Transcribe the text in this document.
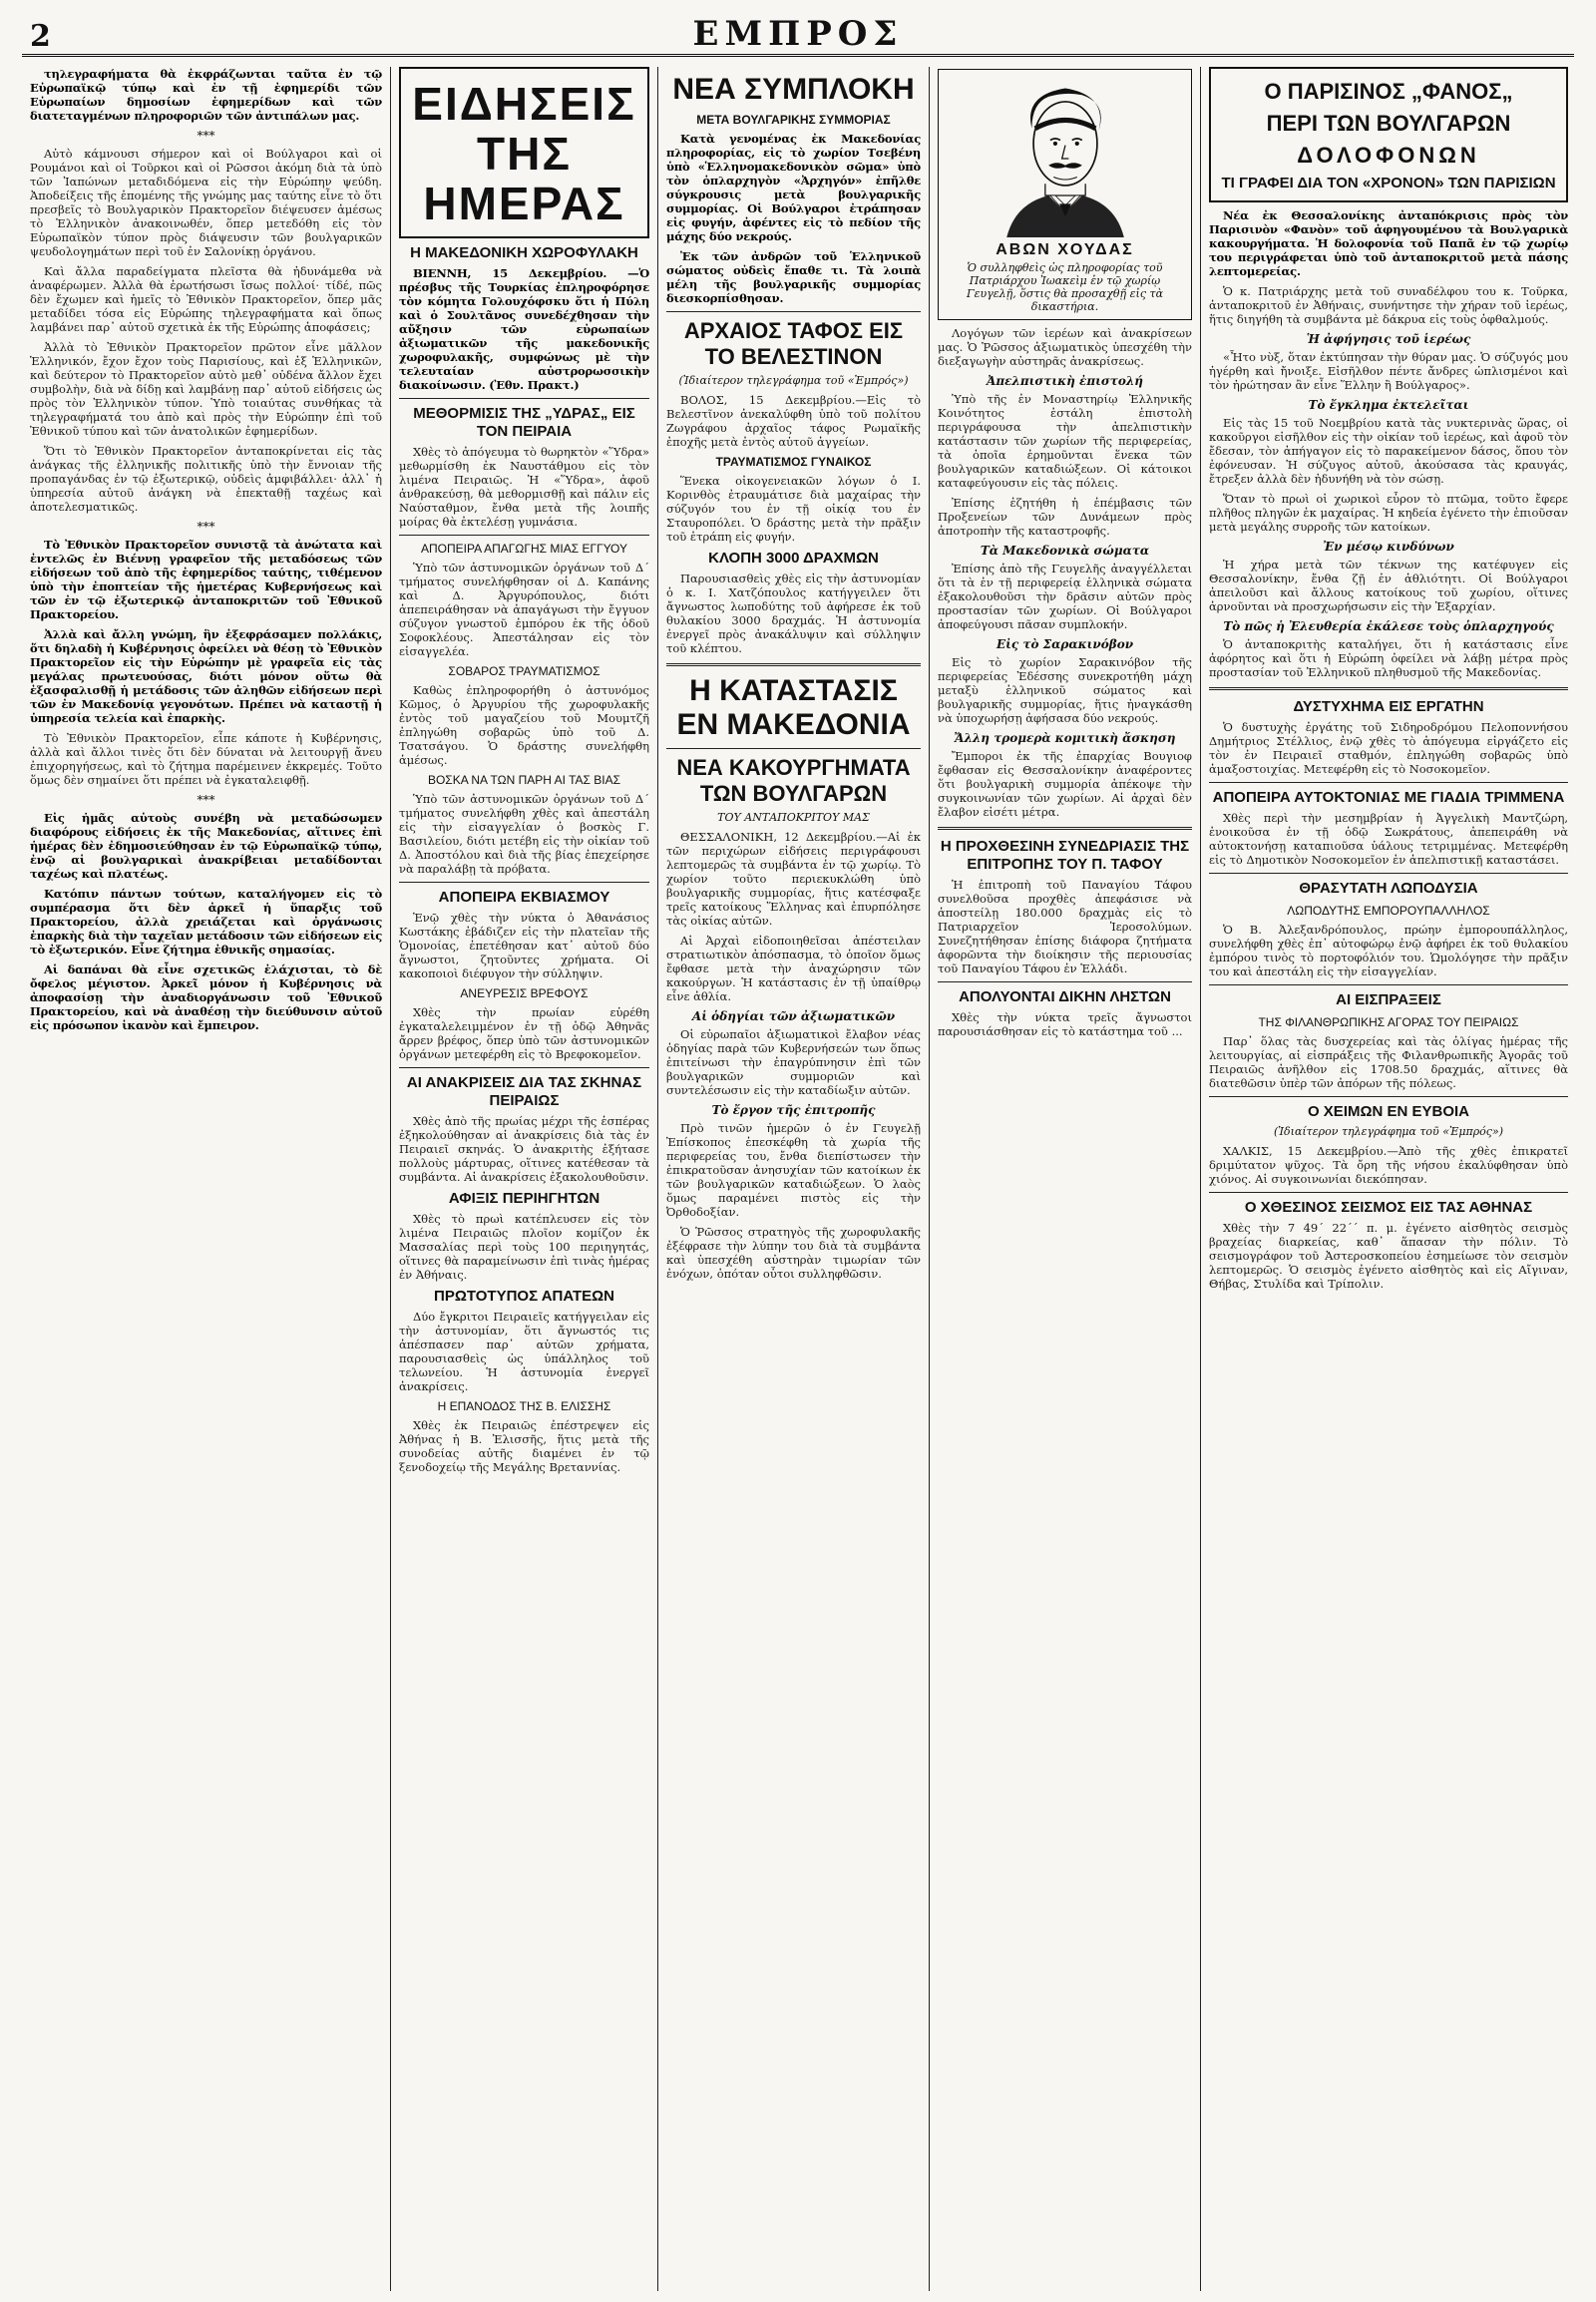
2	ΕΜΠΡΟΣ

τηλεγραφήματα θὰ ἐκφράζωνται ταῦτα ἐν τῷ Εὐρωπαϊκῷ τύπῳ καὶ ἐν τῇ ἐφημερίδι τῶν Εὐρωπαίων δημοσίων ἐφημερίδων καὶ τῶν διατεταγμένων πληροφοριῶν τῶν ἀντιπάλων μας.

***

Αὐτὸ κάμνουσι σήμερον καὶ οἱ Βούλγαροι καὶ οἱ Ρουμάνοι καὶ οἱ Τοῦρκοι καὶ οἱ Ρῶσσοι ἀκόμη διὰ τὰ ὑπὸ τῶν Ἰαπώνων μεταδιδόμενα εἰς τὴν Εὐρώπην ψεύδη. Ἀποδείξεις τῆς ἐπομένης τῆς γνώμης μας ταύτης εἶνε τὸ ὅτι πρεσβεῖς τὸ Βουλγαρικὸν Πρακτορεῖον διέψευσεν ἀμέσως τὸ Ἑλληνικὸν ἀνακοινωθέν, ὅπερ μετεδόθη εἰς τὸν Εὐρωπαϊκὸν τύπον πρὸς διάψευσιν τῶν βουλγαρικῶν ψευδολογημάτων περὶ τοῦ ἐν Σαλονίκῃ ὀργάνου.

Καὶ ἄλλα παραδείγματα πλεῖστα θὰ ἠδυνάμεθα νὰ ἀναφέρωμεν. Ἀλλὰ θὰ ἐρωτήσωσι ἴσως πολλοί· τίδέ, πῶς δὲν ἔχωμεν καὶ ἡμεῖς τὸ Ἐθνικὸν Πρακτορεῖον, ὅπερ μᾶς μεταδίδει τόσα εἰς Εὐρώπης τηλεγραφήματα καὶ ὅπως λαμβάνει παρ᾽ αὐτοῦ σχετικὰ ἐκ τῆς Εὐρώπης ἀποφάσεις;

Ἀλλὰ τὸ Ἐθνικὸν Πρακτορεῖον πρῶτον εἶνε μᾶλλον Ἑλληνικόν, ἔχον ἔχον τοὺς Παρισίους, καὶ ἐξ Ἑλληνικῶν, καὶ δεύτερον τὸ Πρακτορεῖον αὐτὸ μεθ᾽ οὐδένα ἄλλον ἔχει συμβολὴν, διὰ νὰ δίδῃ καὶ λαμβάνῃ παρ᾽ αὐτοῦ εἰδήσεις ὡς πρὸς τὸν Ἑλληνικὸν τύπον. Ὑπὸ τοιαύτας συνθήκας τὰ τηλεγραφήματά του ἀπὸ καὶ πρὸς τὴν Εὐρώπην ἐπὶ τοῦ Ἐθνικοῦ τύπου καὶ τῶν ἀνατολικῶν ἐφημερίδων.

Ὅτι τὸ Ἐθνικὸν Πρακτορεῖον ἀνταποκρίνεται εἰς τὰς ἀνάγκας τῆς ἐλληνικῆς πολιτικῆς ὑπὸ τὴν ἔννοιαν τῆς προπαγάνδας ἐν τῷ ἐξωτερικῷ, οὐδεὶς ἀμφιβάλλει· ἀλλ᾽ ἡ ὑπηρεσία αὐτοῦ ἀνάγκη νὰ ἐπεκταθῇ ταχέως καὶ ἀποτελεσματικῶς.

***

Τὸ Ἐθνικὸν Πρακτορεῖον συνιστᾷ τὰ ἀνώτατα καὶ ἐντελῶς ἐν Βιέννῃ γραφεῖον τῆς μεταδόσεως τῶν εἰδήσεων τοῦ ἀπὸ τῆς ἐφημερίδος ταύτης, τιθέμενον ὑπὸ τὴν ἐποπτείαν τῆς ἡμετέρας Κυβερνήσεως καὶ τῶν ἐν τῷ ἐξωτερικῷ ἀνταποκριτῶν τοῦ Ἐθνικοῦ Πρακτορείου.

Ἀλλὰ καὶ ἄλλη γνώμη, ἣν ἐξεφράσαμεν πολλάκις, ὅτι δηλαδὴ ἡ Κυβέρνησις ὀφείλει νὰ θέσῃ τὸ Ἐθνικὸν Πρακτορεῖον εἰς τὴν Εὐρώπην μὲ γραφεῖα εἰς τὰς μεγάλας πρωτευούσας, διότι μόνον οὕτω θὰ ἐξασφαλισθῇ ἡ μετάδοσις τῶν ἀληθῶν εἰδήσεων περὶ τῶν ἐν Μακεδονίᾳ γεγονότων. Πρέπει νὰ καταστῇ ἡ ὑπηρεσία τελεία καὶ ἐπαρκὴς.

Τὸ Ἐθνικὸν Πρακτορεῖον, εἶπε κάποτε ἡ Κυβέρνησις, ἀλλὰ καὶ ἄλλοι τινὲς ὅτι δὲν δύναται νὰ λειτουργῇ ἄνευ ἐπιχορηγήσεως, καὶ τὸ ζήτημα παρέμεινεν ἐκκρεμές. Τοῦτο ὅμως δὲν σημαίνει ὅτι πρέπει νὰ ἐγκαταλειφθῇ.

***

Εἰς ἡμᾶς αὐτοὺς συνέβη νὰ μεταδώσωμεν διαφόρους εἰδήσεις ἐκ τῆς Μακεδονίας, αἵτινες ἐπὶ ἡμέρας δὲν ἐδημοσιεύθησαν ἐν τῷ Εὐρωπαϊκῷ τύπῳ, ἐνῷ αἱ βουλγαρικαὶ ἀνακρίβειαι μεταδίδονται ταχέως καὶ πλατέως.

Κατόπιν πάντων τούτων, καταλήγομεν εἰς τὸ συμπέρασμα ὅτι δὲν ἀρκεῖ ἡ ὕπαρξις τοῦ Πρακτορείου, ἀλλὰ χρειάζεται καὶ ὀργάνωσις ἐπαρκὴς διὰ τὴν ταχεῖαν μετάδοσιν τῶν εἰδήσεων εἰς τὸ ἐξωτερικόν. Εἶνε ζήτημα ἐθνικῆς σημασίας.

Αἱ δαπάναι θὰ εἶνε σχετικῶς ἐλάχισται, τὸ δὲ ὄφελος μέγιστον. Ἀρκεῖ μόνον ἡ Κυβέρνησις νὰ ἀποφασίσῃ τὴν ἀναδιοργάνωσιν τοῦ Ἐθνικοῦ Πρακτορείου, καὶ νὰ ἀναθέσῃ τὴν διεύθυνσιν αὐτοῦ εἰς πρόσωπον ἱκανὸν καὶ ἔμπειρον.

ΕΙΔΗΣΕΙΣ ΤΗΣ ΗΜΕΡΑΣ
Η ΜΑΚΕΔΟΝΙΚΗ ΧΩΡΟΦΥΛΑΚΗ

ΒΙΕΝΝΗ, 15 Δεκεμβρίου. —Ὁ πρέσβυς τῆς Τουρκίας ἐπληροφόρησε τὸν κόμητα Γολουχόφσκυ ὅτι ἡ Πύλη καὶ ὁ Σουλτᾶνος συνεδέχθησαν τὴν αὔξησιν τῶν εὐρωπαίων ἀξιωματικῶν τῆς μακεδονικῆς χωροφυλακῆς, συμφώνως μὲ τὴν τελευταίαν αὐστρορωσσικὴν διακοίνωσιν. (Ἐθν. Πρακτ.)

ΜΕΘΟΡΜΙΣΙΣ ΤΗΣ „ΥΔΡΑΣ„ ΕΙΣ ΤΟΝ ΠΕΙΡΑΙΑ

Χθὲς τὸ ἀπόγευμα τὸ θωρηκτὸν «Ὕδρα» μεθωρμίσθη ἐκ Ναυστάθμου εἰς τὸν λιμένα Πειραιῶς. Ἡ «Ὕδρα», ἀφοῦ ἀνθρακεύσῃ, θὰ μεθορμισθῇ καὶ πάλιν εἰς Ναύσταθμον, ἔνθα μετὰ τῆς λοιπῆς μοίρας θὰ ἐκτελέσῃ γυμνάσια.

ΑΠΟΠΕΙΡΑ ΑΠΑΓΩΓΗΣ ΜΙΑΣ ΕΓΓΥΟΥ

Ὑπὸ τῶν ἀστυνομικῶν ὀργάνων τοῦ Δ´ τμήματος συνελήφθησαν οἱ Δ. Καπάνης καὶ Δ. Ἀργυρόπουλος, διότι ἀπεπειράθησαν νὰ ἀπαγάγωσι τὴν ἔγγυον σύζυγον γνωστοῦ ἐμπόρου ἐκ τῆς ὁδοῦ Σοφοκλέους. Ἀπεστάλησαν εἰς τὸν εἰσαγγελέα.

ΣΟΒΑΡΟΣ ΤΡΑΥΜΑΤΙΣΜΟΣ

Καθὼς ἐπληροφορήθη ὁ ἀστυνόμος Κῶμος, ὁ Ἀργυρίου τῆς χωροφυλακῆς ἐντὸς τοῦ μαγαζείου τοῦ Μουμτζῆ ἐπληγώθη σοβαρῶς ὑπὸ τοῦ Δ. Τσατσάγου. Ὁ δράστης συνελήφθη ἀμέσως.

ΒΟΣΚΑ ΝΑ ΤΩΝ ΠΑΡΗ ΑΙ ΤΑΣ ΒΙΑΣ

Ὑπὸ τῶν ἀστυνομικῶν ὀργάνων τοῦ Δ´ τμήματος συνελήφθη χθὲς καὶ ἀπεστάλη εἰς τὴν εἰσαγγελίαν ὁ βοσκὸς Γ. Βασιλείου, διότι μετέβη εἰς τὴν οἰκίαν τοῦ Δ. Ἀποστόλου καὶ διὰ τῆς βίας ἐπεχείρησε νὰ παραλάβῃ τὰ πρόβατα.

ΑΠΟΠΕΙΡΑ ΕΚΒΙΑΣΜΟΥ

Ἐνῷ χθὲς τὴν νύκτα ὁ Ἀθανάσιος Κωστάκης ἐβάδιζεν εἰς τὴν πλατεῖαν τῆς Ὁμονοίας, ἐπετέθησαν κατ᾽ αὐτοῦ δύο ἄγνωστοι, ζητοῦντες χρήματα. Οἱ κακοποιοὶ διέφυγον τὴν σύλληψιν.

ΑΝΕΥΡΕΣΙΣ ΒΡΕΦΟΥΣ

Χθὲς τὴν πρωίαν εὑρέθη ἐγκαταλελειμμένον ἐν τῇ ὁδῷ Ἀθηνᾶς ἄρρεν βρέφος, ὅπερ ὑπὸ τῶν ἀστυνομικῶν ὀργάνων μετεφέρθη εἰς τὸ Βρεφοκομεῖον.

ΑΙ ΑΝΑΚΡΙΣΕΙΣ ΔΙΑ ΤΑΣ ΣΚΗΝΑΣ ΠΕΙΡΑΙΩΣ

Χθὲς ἀπὸ τῆς πρωίας μέχρι τῆς ἑσπέρας ἐξηκολούθησαν αἱ ἀνακρίσεις διὰ τὰς ἐν Πειραιεῖ σκηνάς. Ὁ ἀνακριτὴς ἐξήτασε πολλοὺς μάρτυρας, οἵτινες κατέθεσαν τὰ συμβάντα. Αἱ ἀνακρίσεις ἐξακολουθοῦσιν.

ΑΦΙΞΙΣ ΠΕΡΙΗΓΗΤΩΝ

Χθὲς τὸ πρωὶ κατέπλευσεν εἰς τὸν λιμένα Πειραιῶς πλοῖον κομίζον ἐκ Μασσαλίας περὶ τοὺς 100 περιηγητάς, οἵτινες θὰ παραμείνωσιν ἐπὶ τινὰς ἡμέρας ἐν Ἀθήναις.

ΠΡΩΤΟΤΥΠΟΣ ΑΠΑΤΕΩΝ

Δύο ἔγκριτοι Πειραιεῖς κατήγγειλαν εἰς τὴν ἀστυνομίαν, ὅτι ἄγνωστός τις ἀπέσπασεν παρ᾽ αὐτῶν χρήματα, παρουσιασθεὶς ὡς ὑπάλληλος τοῦ τελωνείου. Ἡ ἀστυνομία ἐνεργεῖ ἀνακρίσεις.

Η ΕΠΑΝΟΔΟΣ ΤΗΣ Β. ΕΛΙΣΣΗΣ

Χθὲς ἐκ Πειραιῶς ἐπέστρεψεν εἰς Ἀθήνας ἡ Β. Ἐλισσῆς, ἥτις μετὰ τῆς συνοδείας αὐτῆς διαμένει ἐν τῷ ξενοδοχείῳ τῆς Μεγάλης Βρεταννίας.

ΝΕΑ ΣΥΜΠΛΟΚΗ
ΜΕΤΑ ΒΟΥΛΓΑΡΙΚΗΣ ΣΥΜΜΟΡΙΑΣ

Κατὰ γενομένας ἐκ Μακεδονίας πληροφορίας, εἰς τὸ χωρίον Τσεβένη ὑπὸ «Ἑλληνομακεδονικὸν σῶμα» ὑπὸ τὸν ὁπλαρχηγὸν «Ἀρχηγόν» ἐπῆλθε σύγκρουσις μετὰ βουλγαρικῆς συμμορίας. Οἱ Βούλγαροι ἐτράπησαν εἰς φυγήν, ἀφέντες εἰς τὸ πεδίον τῆς μάχης δύο νεκρούς.

Ἐκ τῶν ἀνδρῶν τοῦ Ἑλληνικοῦ σώματος οὐδεὶς ἔπαθε τι. Τὰ λοιπὰ μέλη τῆς βουλγαρικῆς συμμορίας διεσκορπίσθησαν.

ΑΡΧΑΙΟΣ ΤΑΦΟΣ ΕΙΣ ΤΟ ΒΕΛΕΣΤΙΝΟΝ
(Ἰδιαίτερον τηλεγράφημα τοῦ «Ἐμπρός»)

ΒΟΛΟΣ, 15 Δεκεμβρίου.—Εἰς τὸ Βελεστῖνον ἀνεκαλύφθη ὑπὸ τοῦ πολίτου Ζωγράφου ἀρχαῖος τάφος Ρωμαϊκῆς ἐποχῆς μετὰ ἐντὸς αὐτοῦ ἀγγείων.

ΤΡΑΥΜΑΤΙΣΜΟΣ ΓΥΝΑΙΚΟΣ

Ἕνεκα οἰκογενειακῶν λόγων ὁ Ι. Κορινθὸς ἐτραυμάτισε διὰ μαχαίρας τὴν σύζυγόν του ἐν τῇ οἰκίᾳ του ἐν Σταυροπόλει. Ὁ δράστης μετὰ τὴν πρᾶξιν τοῦ ἐτράπη εἰς φυγήν.

ΚΛΟΠΗ 3000 ΔΡΑΧΜΩΝ

Παρουσιασθεὶς χθὲς εἰς τὴν ἀστυνομίαν ὁ κ. Ι. Χατζόπουλος κατήγγειλεν ὅτι ἄγνωστος λωποδύτης τοῦ ἀφήρεσε ἐκ τοῦ θυλακίου 3000 δραχμάς. Ἡ ἀστυνομία ἐνεργεῖ πρὸς ἀνακάλυψιν καὶ σύλληψιν τοῦ κλέπτου.

Η ΚΑΤΑΣΤΑΣΙΣ ΕΝ ΜΑΚΕΔΟΝΙΑ
ΝΕΑ ΚΑΚΟΥΡΓΗΜΑΤΑ ΤΩΝ ΒΟΥΛΓΑΡΩΝ
ΤΟΥ ΑΝΤΑΠΟΚΡΙΤΟΥ ΜΑΣ

ΘΕΣΣΑΛΟΝΙΚΗ, 12 Δεκεμβρίου.—Αἱ ἐκ τῶν περιχώρων εἰδήσεις περιγράφουσι λεπτομερῶς τὰ συμβάντα ἐν τῷ χωρίῳ. Τὸ χωρίον τοῦτο περιεκυκλώθη ὑπὸ βουλγαρικῆς συμμορίας, ἥτις κατέσφαξε τρεῖς κατοίκους Ἕλληνας καὶ ἐπυρπόλησε τὰς οἰκίας αὐτῶν.

Αἱ Ἀρχαὶ εἰδοποιηθεῖσαι ἀπέστειλαν στρατιωτικὸν ἀπόσπασμα, τὸ ὁποῖον ὅμως ἔφθασε μετὰ τὴν ἀναχώρησιν τῶν κακούργων. Ἡ κατάστασις ἐν τῇ ὑπαίθρῳ εἶνε ἀθλία.

Αἱ ὁδηγίαι τῶν ἀξιωματικῶν

Οἱ εὐρωπαῖοι ἀξιωματικοὶ ἔλαβον νέας ὁδηγίας παρὰ τῶν Κυβερνήσεών των ὅπως ἐπιτείνωσι τὴν ἐπαγρύπνησιν ἐπὶ τῶν βουλγαρικῶν συμμοριῶν καὶ συντελέσωσιν εἰς τὴν καταδίωξιν αὐτῶν.

Τὸ ἔργον τῆς ἐπιτροπῆς

Πρὸ τινῶν ἡμερῶν ὁ ἐν Γευγελῇ Ἐπίσκοπος ἐπεσκέφθη τὰ χωρία τῆς περιφερείας του, ἔνθα διεπίστωσεν τὴν ἐπικρατοῦσαν ἀνησυχίαν τῶν κατοίκων ἐκ τῶν βουλγαρικῶν καταδιώξεων. Ὁ λαὸς ὅμως παραμένει πιστὸς εἰς τὴν Ὀρθοδοξίαν.

Ὁ Ῥῶσσος στρατηγὸς τῆς χωροφυλακῆς ἐξέφρασε τὴν λύπην του διὰ τὰ συμβάντα καὶ ὑπεσχέθη αὐστηρὰν τιμωρίαν τῶν ἐνόχων, ὁπόταν οὗτοι συλληφθῶσιν.

ΑΒΩΝ ΧΟΥΔΑΣ
Ὁ συλληφθεὶς ὡς πληροφορίας τοῦ Πατριάρχου Ἰωακεὶμ ἐν τῷ χωρίῳ Γευγελῇ, ὅστις θὰ προσαχθῇ εἰς τὰ δικαστήρια.

Λογόγων τῶν ἱερέων καὶ ἀνακρίσεων μας. Ὁ Ῥῶσσος ἀξιωματικὸς ὑπεσχέθη τὴν διεξαγωγὴν αὐστηρᾶς ἀνακρίσεως.

Ἀπελπιστικὴ ἐπιστολή

Ὑπὸ τῆς ἐν Μοναστηρίῳ Ἑλληνικῆς Κοινότητος ἐστάλη ἐπιστολὴ περιγράφουσα τὴν ἀπελπιστικὴν κατάστασιν τῶν χωρίων τῆς περιφερείας, τὰ ὁποῖα ἐρημοῦνται ἕνεκα τῶν βουλγαρικῶν καταδιώξεων. Οἱ κάτοικοι καταφεύγουσιν εἰς τὰς πόλεις.

Ἐπίσης ἐζητήθη ἡ ἐπέμβασις τῶν Προξενείων τῶν Δυνάμεων πρὸς ἀποτροπὴν τῆς καταστροφῆς.

Τὰ Μακεδονικὰ σώματα

Ἐπίσης ἀπὸ τῆς Γευγελῆς ἀναγγέλλεται ὅτι τὰ ἐν τῇ περιφερείᾳ ἑλληνικὰ σώματα ἐξακολουθοῦσι τὴν δρᾶσιν αὐτῶν πρὸς προστασίαν τῶν χωρίων. Οἱ Βούλγαροι ἀποφεύγουσι πᾶσαν συμπλοκήν.

Εἰς τὸ Σαρακινόβον

Εἰς τὸ χωρίον Σαρακινόβον τῆς περιφερείας Ἐδέσσης συνεκροτήθη μάχη μεταξὺ ἑλληνικοῦ σώματος καὶ βουλγαρικῆς συμμορίας, ἥτις ἠναγκάσθη νὰ ὑποχωρήσῃ ἀφήσασα δύο νεκρούς.

Ἄλλη τρομερὰ κομιτικὴ ἄσκηση

Ἔμποροι ἐκ τῆς ἐπαρχίας Βουγιοφ ἔφθασαν εἰς Θεσσαλονίκην ἀναφέροντες ὅτι βουλγαρικὴ συμμορία ἀπέκοψε τὴν συγκοινωνίαν τῶν χωρίων. Αἱ ἀρχαὶ δὲν ἔλαβον εἰσέτι μέτρα.

Η ΠΡΟΧΘΕΣΙΝΗ ΣΥΝΕΔΡΙΑΣΙΣ ΤΗΣ ΕΠΙΤΡΟΠΗΣ ΤΟΥ Π. ΤΑΦΟΥ

Ἡ ἐπιτροπὴ τοῦ Παναγίου Τάφου συνελθοῦσα προχθὲς ἀπεφάσισε νὰ ἀποστείλῃ 180.000 δραχμὰς εἰς τὸ Πατριαρχεῖον Ἱεροσολύμων. Συνεζητήθησαν ἐπίσης διάφορα ζητήματα ἀφορῶντα τὴν διοίκησιν τῆς περιουσίας τοῦ Παναγίου Τάφου ἐν Ἑλλάδι.

ΑΠΟΛΥΟΝΤΑΙ ΔΙΚΗΝ ΛΗΣΤΩΝ

Χθὲς τὴν νύκτα τρεῖς ἄγνωστοι παρουσιάσθησαν εἰς τὸ κατάστημα τοῦ ...

Ο ΠΑΡΙΣΙΝΟΣ „ΦΑΝΟΣ„
ΠΕΡΙ ΤΩΝ ΒΟΥΛΓΑΡΩΝ
ΔΟΛΟΦΟΝΩΝ
ΤΙ ΓΡΑΦΕΙ ΔΙΑ ΤΟΝ «ΧΡΟΝΟΝ» ΤΩΝ ΠΑΡΙΣΙΩΝ

Νέα ἐκ Θεσσαλονίκης ἀνταπόκρισις πρὸς τὸν Παρισινὸν «Φανὸν» τοῦ ἀφηγουμένου τὰ Βουλγαρικὰ κακουργήματα. Ἡ δολοφονία τοῦ Παπᾶ ἐν τῷ χωρίῳ του περιγράφεται ὑπὸ τοῦ ἀνταποκριτοῦ μετὰ πάσης λεπτομερείας.

Ὁ κ. Πατριάρχης μετὰ τοῦ συναδέλφου του κ. Τοῦρκα, ἀνταποκριτοῦ ἐν Ἀθήναις, συνήντησε τὴν χήραν τοῦ ἱερέως, ἥτις διηγήθη τὰ συμβάντα μὲ δάκρυα εἰς τοὺς ὀφθαλμούς.

Ἡ ἀφήγησις τοῦ ἱερέως

«Ἦτο νὺξ, ὅταν ἐκτύπησαν τὴν θύραν μας. Ὁ σύζυγός μου ἠγέρθη καὶ ἤνοιξε. Εἰσῆλθον πέντε ἄνδρες ὡπλισμένοι καὶ τὸν ἠρώτησαν ἂν εἶνε Ἕλλην ἢ Βούλγαρος».

Τὸ ἔγκλημα ἐκτελεῖται

Εἰς τὰς 15 τοῦ Νοεμβρίου κατὰ τὰς νυκτερινὰς ὥρας, οἱ κακοῦργοι εἰσῆλθον εἰς τὴν οἰκίαν τοῦ ἱερέως, καὶ ἀφοῦ τὸν ἔδεσαν, τὸν ἀπήγαγον εἰς τὸ παρακείμενον δάσος, ὅπου τὸν ἐφόνευσαν. Ἡ σύζυγος αὐτοῦ, ἀκούσασα τὰς κραυγάς, ἔτρεξεν ἀλλὰ δὲν ἠδυνήθη νὰ τὸν σώσῃ.

Ὅταν τὸ πρωὶ οἱ χωρικοὶ εὗρον τὸ πτῶμα, τοῦτο ἔφερε πλῆθος πληγῶν ἐκ μαχαίρας. Ἡ κηδεία ἐγένετο τὴν ἐπιοῦσαν μετὰ μεγάλης συρροῆς τῶν κατοίκων.

Ἐν μέσῳ κινδύνων

Ἡ χήρα μετὰ τῶν τέκνων της κατέφυγεν εἰς Θεσσαλονίκην, ἔνθα ζῇ ἐν ἀθλιότητι. Οἱ Βούλγαροι ἀπειλοῦσι καὶ ἄλλους κατοίκους τοῦ χωρίου, οἵτινες ἀρνοῦνται νὰ προσχωρήσωσιν εἰς τὴν Ἐξαρχίαν.

Τὸ πῶς ἡ Ἐλευθερία ἐκάλεσε τοὺς ὁπλαρχηγούς

Ὁ ἀνταποκριτὴς καταλήγει, ὅτι ἡ κατάστασις εἶνε ἀφόρητος καὶ ὅτι ἡ Εὐρώπη ὀφείλει νὰ λάβῃ μέτρα πρὸς προστασίαν τοῦ Ἑλληνικοῦ πληθυσμοῦ τῆς Μακεδονίας.

ΔΥΣΤΥΧΗΜΑ ΕΙΣ ΕΡΓΑΤΗΝ

Ὁ δυστυχὴς ἐργάτης τοῦ Σιδηροδρόμου Πελοποννήσου Δημήτριος Στέλλιος, ἐνῷ χθὲς τὸ ἀπόγευμα εἰργάζετο εἰς τὸν ἐν Πειραιεῖ σταθμόν, ἐπληγώθη σοβαρῶς ὑπὸ ἁμαξοστοιχίας. Μετεφέρθη εἰς τὸ Νοσοκομεῖον.

ΑΠΟΠΕΙΡΑ ΑΥΤΟΚΤΟΝΙΑΣ ΜΕ ΓΙΑΔΙΑ ΤΡΙΜΜΕΝΑ

Χθὲς περὶ τὴν μεσημβρίαν ἡ Ἀγγελικὴ Μαντζώρη, ἐνοικοῦσα ἐν τῇ ὁδῷ Σωκράτους, ἀπεπειράθη νὰ αὐτοκτονήσῃ καταπιοῦσα ὑάλους τετριμμένας. Μετεφέρθη εἰς τὸ Δημοτικὸν Νοσοκομεῖον ἐν ἀπελπιστικῇ καταστάσει.

ΘΡΑΣΥΤΑΤΗ ΛΩΠΟΔΥΣΙΑ
ΛΩΠΟΔΥΤΗΣ ΕΜΠΟΡΟΥΠΑΛΛΗΛΟΣ

Ὁ Β. Ἀλεξανδρόπουλος, πρώην ἐμπορουπάλληλος, συνελήφθη χθὲς ἐπ᾽ αὐτοφώρῳ ἐνῷ ἀφήρει ἐκ τοῦ θυλακίου ἐμπόρου τινὸς τὸ πορτοφόλιόν του. Ὡμολόγησε τὴν πρᾶξιν του καὶ ἀπεστάλη εἰς τὴν εἰσαγγελίαν.

ΑΙ ΕΙΣΠΡΑΞΕΙΣ
ΤΗΣ ΦΙΛΑΝΘΡΩΠΙΚΗΣ ΑΓΟΡΑΣ ΤΟΥ ΠΕΙΡΑΙΩΣ

Παρ᾽ ὅλας τὰς δυσχερείας καὶ τὰς ὀλίγας ἡμέρας τῆς λειτουργίας, αἱ εἰσπράξεις τῆς Φιλανθρωπικῆς Ἀγορᾶς τοῦ Πειραιῶς ἀνῆλθον εἰς 1708.50 δραχμάς, αἵτινες θὰ διατεθῶσιν ὑπὲρ τῶν ἀπόρων τῆς πόλεως.

Ο ΧΕΙΜΩΝ ΕΝ ΕΥΒΟΙΑ
(Ἰδιαίτερον τηλεγράφημα τοῦ «Ἐμπρός»)

ΧΑΛΚΙΣ, 15 Δεκεμβρίου.—Ἀπὸ τῆς χθὲς ἐπικρατεῖ δριμύτατον ψῦχος. Τὰ ὄρη τῆς νήσου ἐκαλύφθησαν ὑπὸ χιόνος. Αἱ συγκοινωνίαι διεκόπησαν.

Ο ΧΘΕΣΙΝΟΣ ΣΕΙΣΜΟΣ ΕΙΣ ΤΑΣ ΑΘΗΝΑΣ

Χθὲς τὴν 7 49´ 22´´ π. μ. ἐγένετο αἰσθητὸς σεισμὸς βραχείας διαρκείας, καθ᾽ ἅπασαν τὴν πόλιν. Τὸ σεισμογράφον τοῦ Ἀστεροσκοπείου ἐσημείωσε τὸν σεισμὸν λεπτομερῶς. Ὁ σεισμὸς ἐγένετο αἰσθητὸς καὶ εἰς Αἴγιναν, Θήβας, Στυλίδα καὶ Τρίπολιν.
